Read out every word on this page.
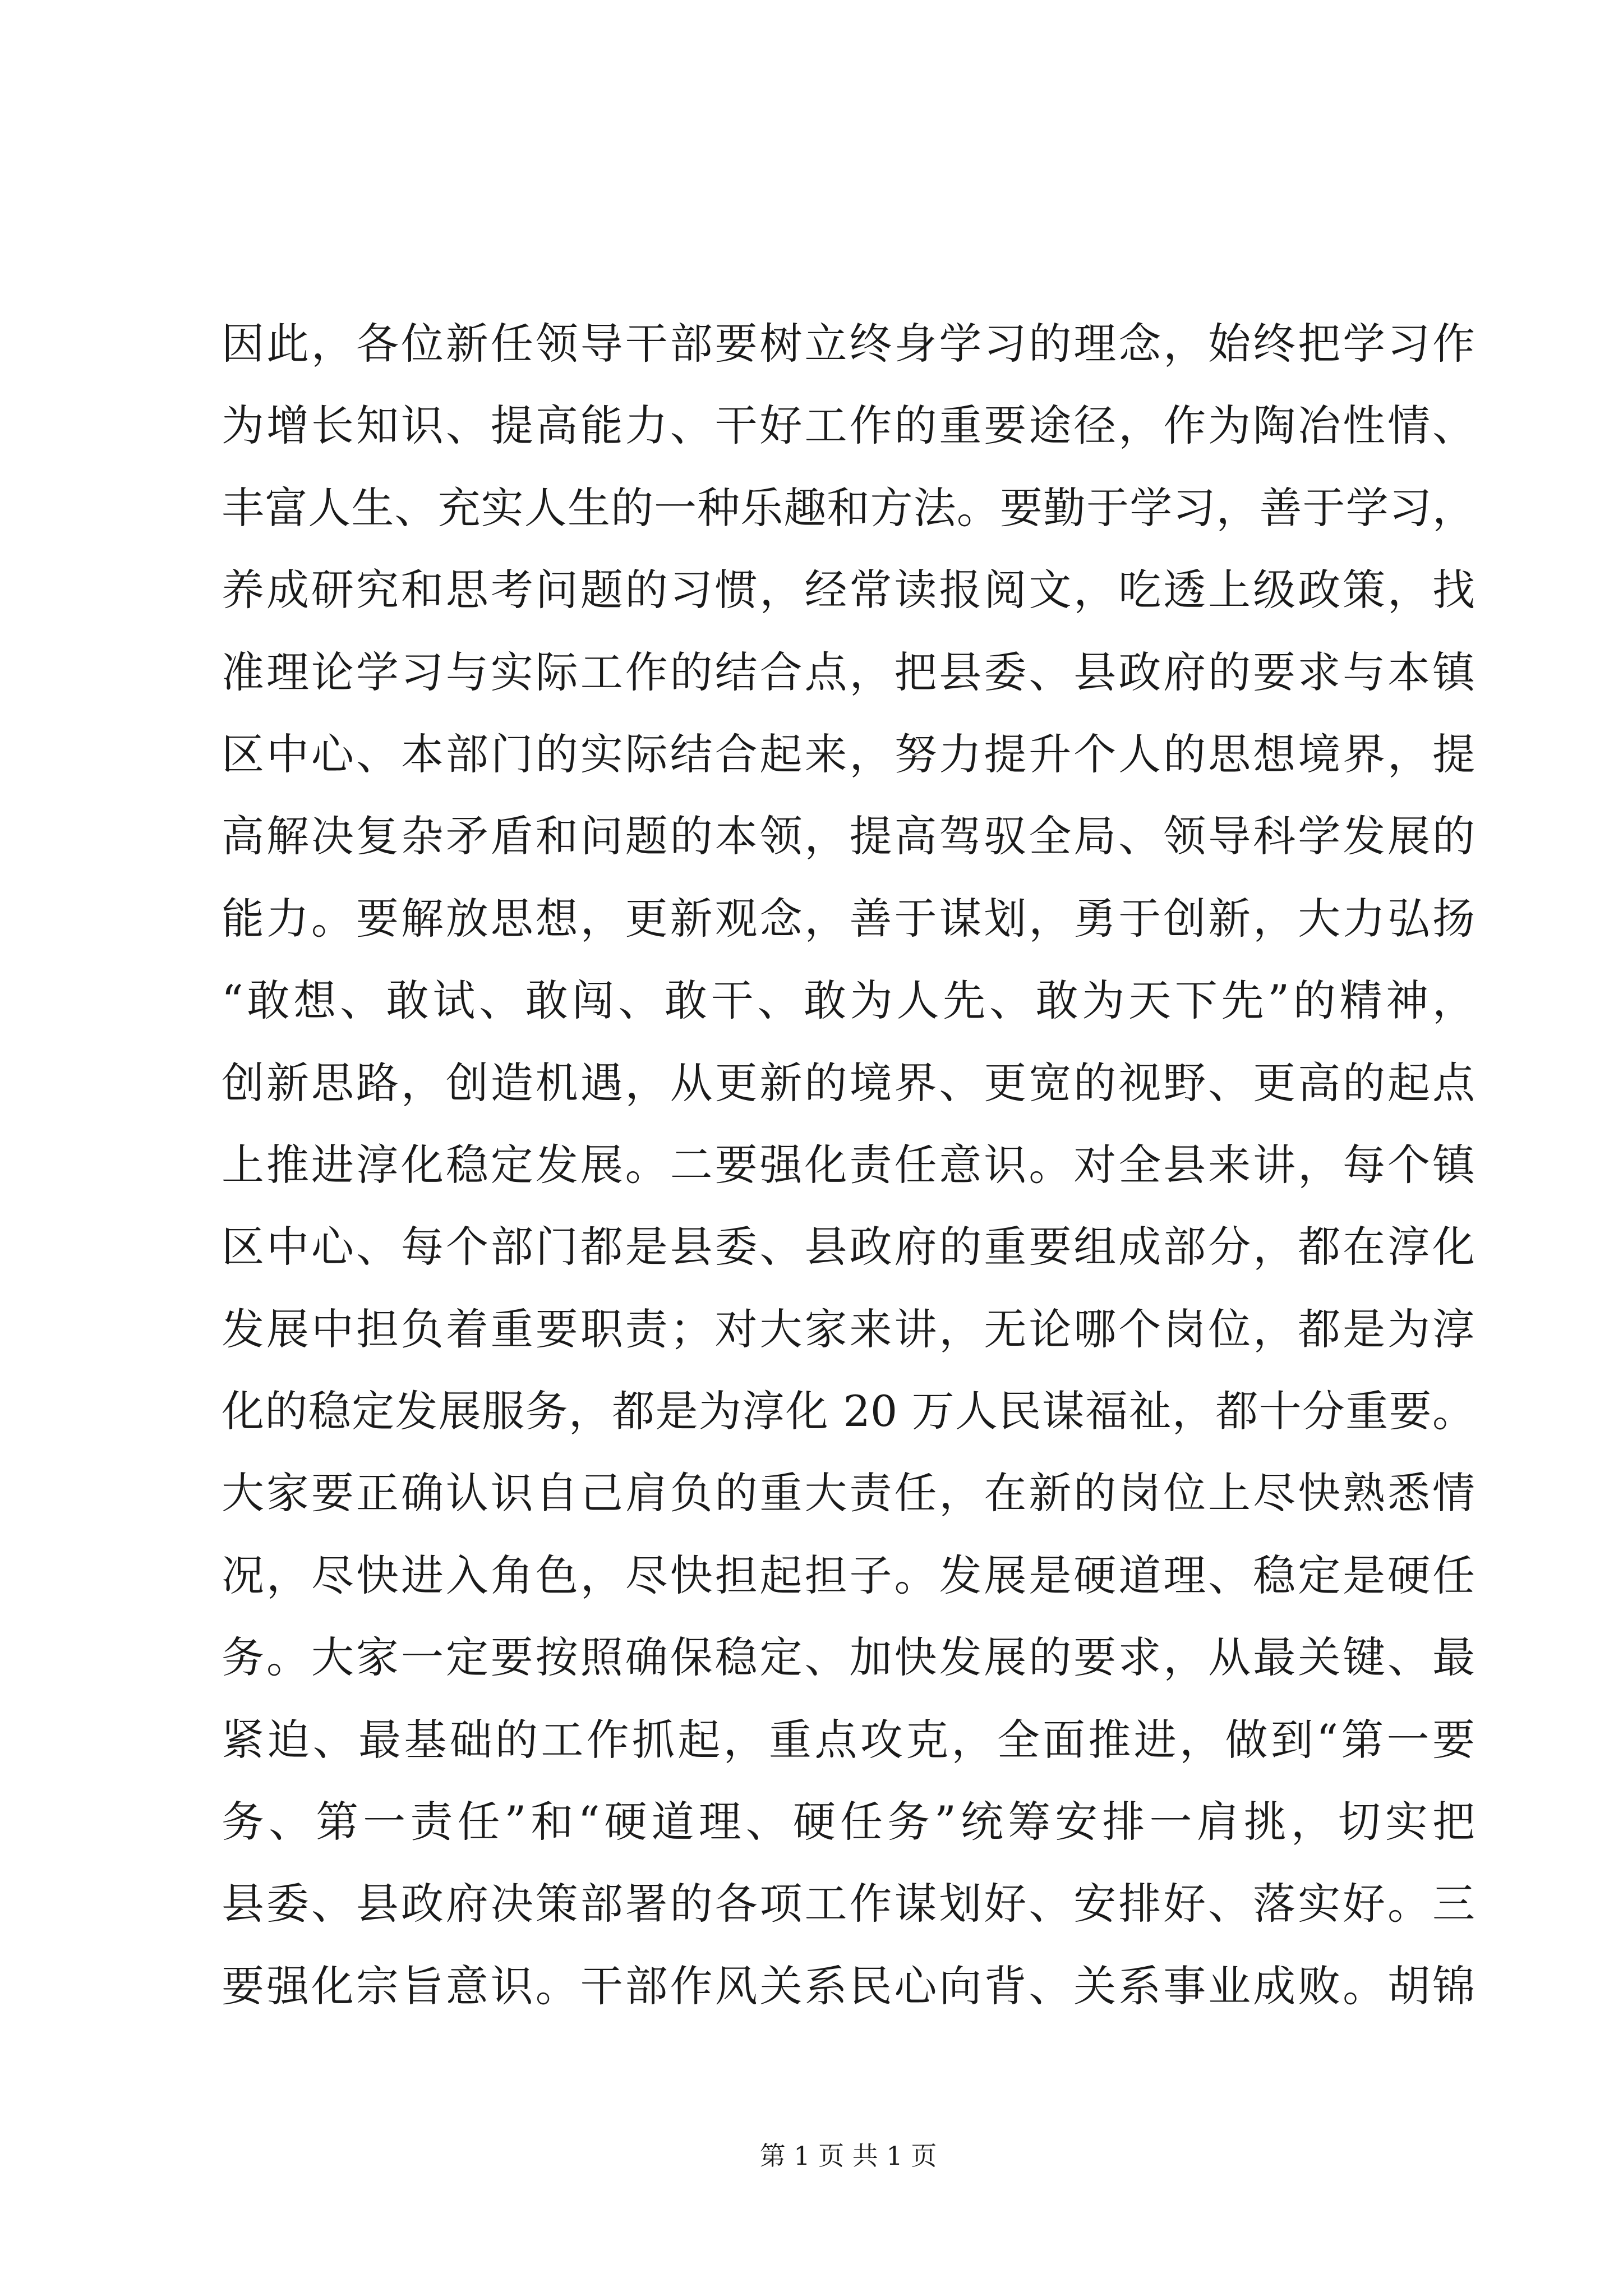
因此，各位新任领导干部要树立终身学习的理念，始终把学习作
为增长知识、提高能力、干好工作的重要途径，作为陶冶性情、
丰富人生、充实人生的一种乐趣和方法。要勤于学习，善于学习，
养成研究和思考问题的习惯，经常读报阅文，吃透上级政策，找
准理论学习与实际工作的结合点，把县委、县政府的要求与本镇
区中心、本部门的实际结合起来，努力提升个人的思想境界，提
高解决复杂矛盾和问题的本领，提高驾驭全局、领导科学发展的
能力。要解放思想，更新观念，善于谋划，勇于创新，大力弘扬
“敢想、敢试、敢闯、敢干、敢为人先、敢为天下先”的精神，
创新思路，创造机遇，从更新的境界、更宽的视野、更高的起点
上推进淳化稳定发展。二要强化责任意识。对全县来讲，每个镇
区中心、每个部门都是县委、县政府的重要组成部分，都在淳化
发展中担负着重要职责；对大家来讲，无论哪个岗位，都是为淳
化的稳定发展服务，都是为淳化 20 万人民谋福祉，都十分重要。
大家要正确认识自己肩负的重大责任，在新的岗位上尽快熟悉情
况，尽快进入角色，尽快担起担子。发展是硬道理、稳定是硬任
务。大家一定要按照确保稳定、加快发展的要求，从最关键、最
紧迫、最基础的工作抓起，重点攻克，全面推进，做到“第一要
务、第一责任”和“硬道理、硬任务”统筹安排一肩挑，切实把
县委、县政府决策部署的各项工作谋划好、安排好、落实好。三
要强化宗旨意识。干部作风关系民心向背、关系事业成败。胡锦
第 1 页 共 1 页
